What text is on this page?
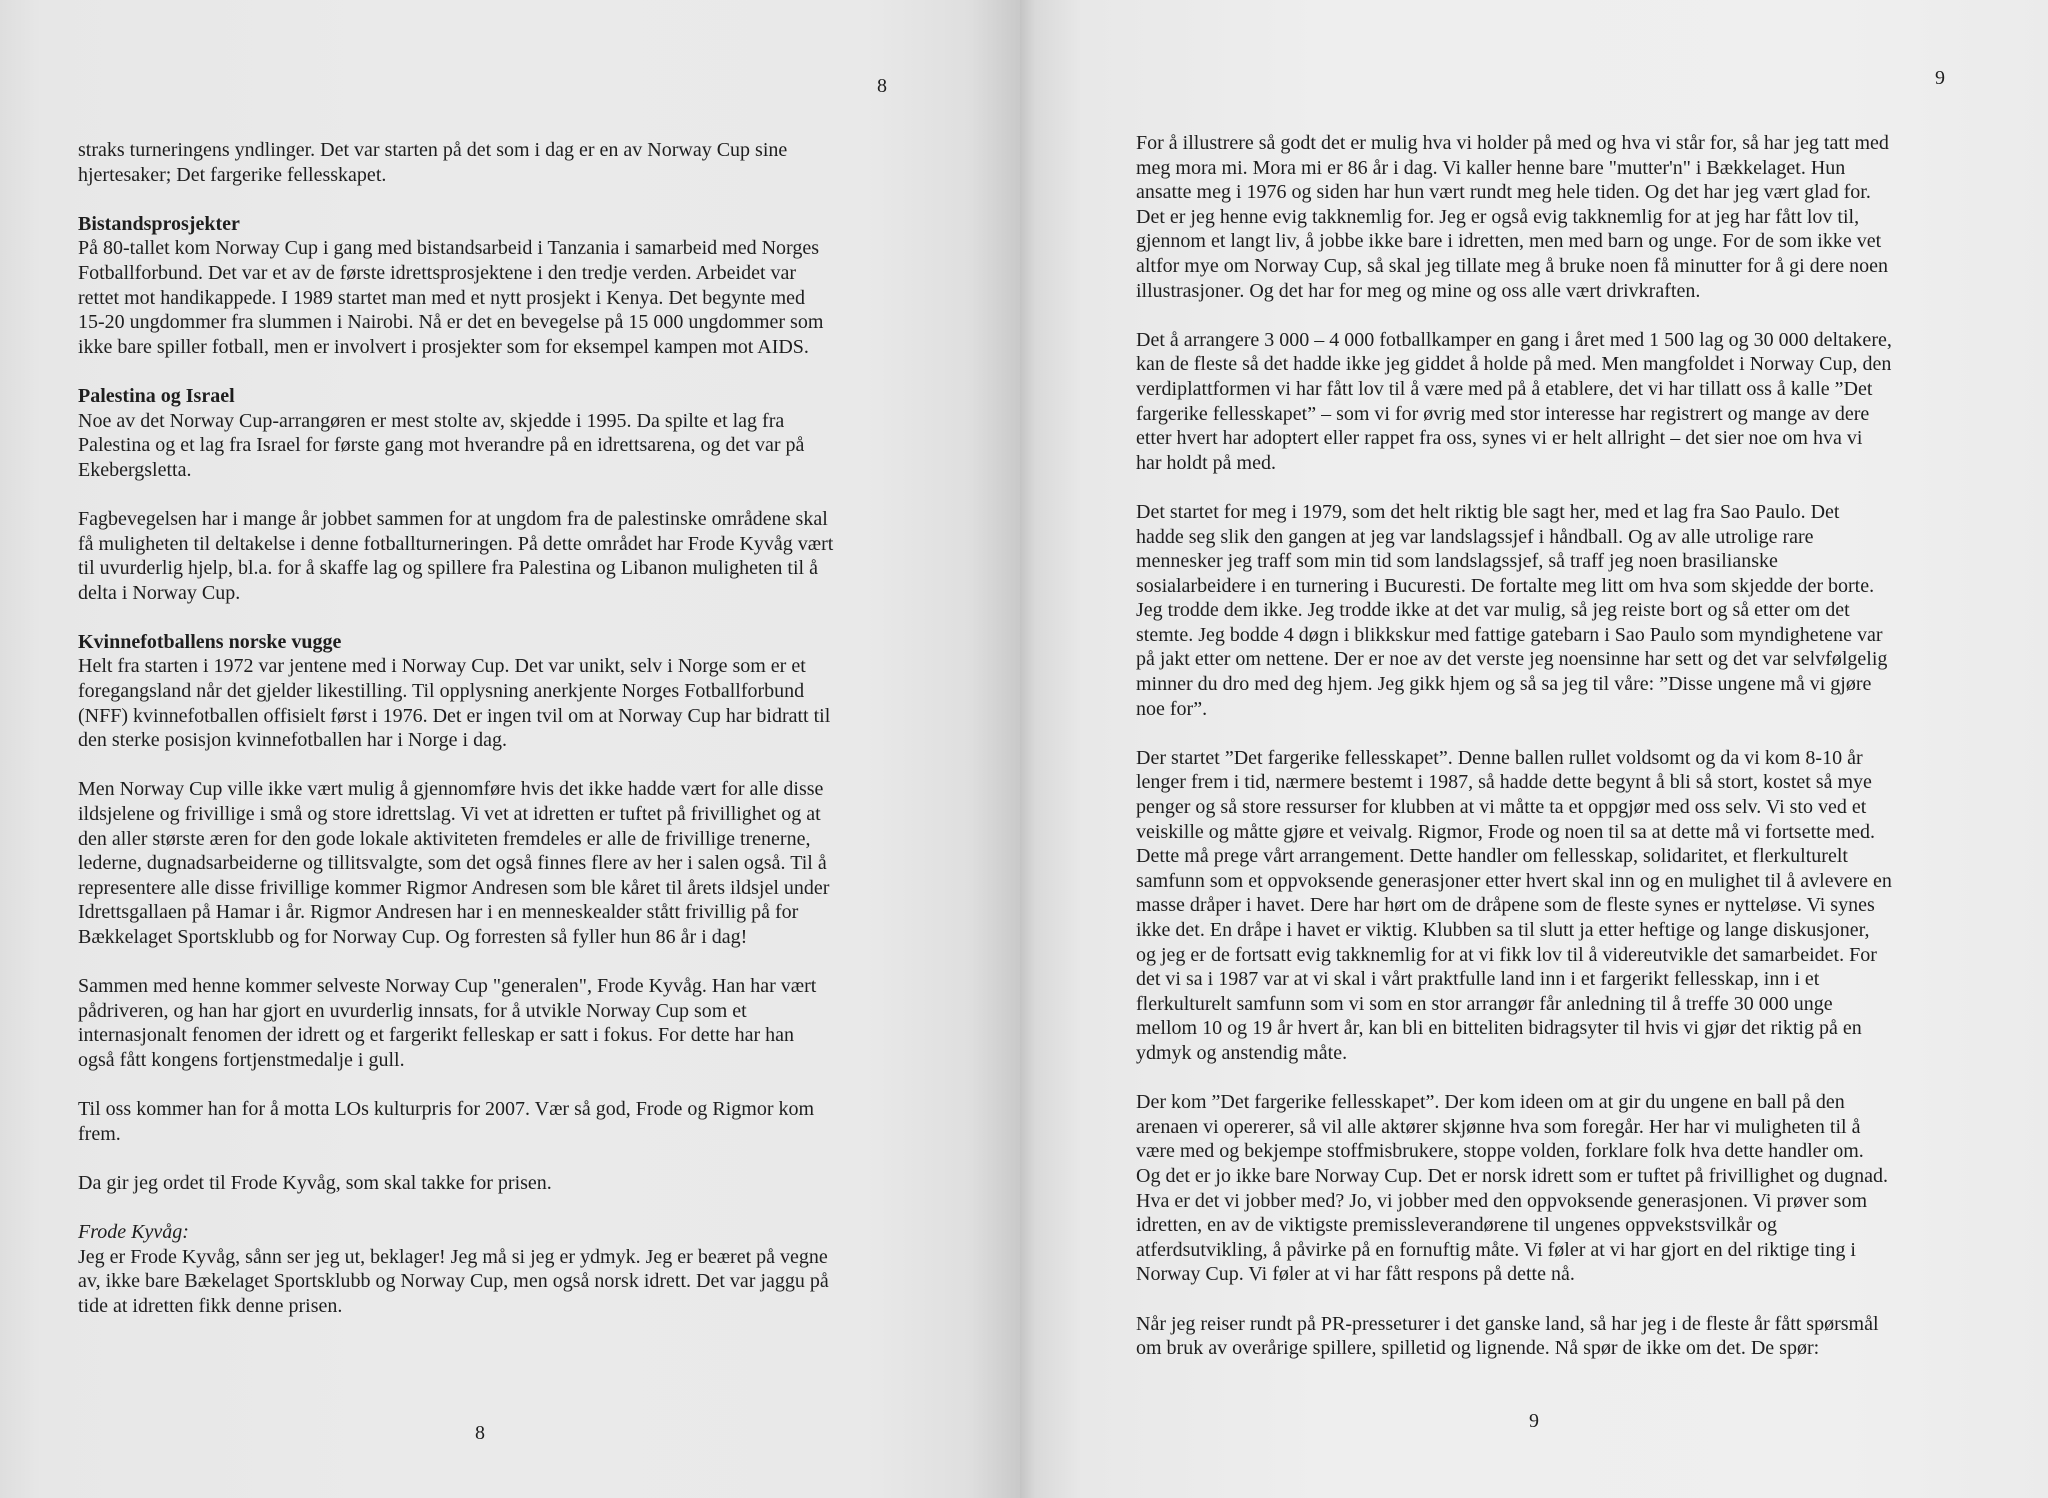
8
straks turneringens yndlinger. Det var starten på det som i dag er en av Norway Cup sine
hjertesaker; Det fargerike fellesskapet.
Bistandsprosjekter
På 80-tallet kom Norway Cup i gang med bistandsarbeid i Tanzania i samarbeid med Norges
Fotballforbund. Det var et av de første idrettsprosjektene i den tredje verden. Arbeidet var
rettet mot handikappede. I 1989 startet man med et nytt prosjekt i Kenya. Det begynte med
15-20 ungdommer fra slummen i Nairobi. Nå er det en bevegelse på 15 000 ungdommer som
ikke bare spiller fotball, men er involvert i prosjekter som for eksempel kampen mot AIDS.
Palestina og Israel
Noe av det Norway Cup-arrangøren er mest stolte av, skjedde i 1995. Da spilte et lag fra
Palestina og et lag fra Israel for første gang mot hverandre på en idrettsarena, og det var på
Ekebergsletta.
Fagbevegelsen har i mange år jobbet sammen for at ungdom fra de palestinske områdene skal
få muligheten til deltakelse i denne fotballturneringen. På dette området har Frode Kyvåg vært
til uvurderlig hjelp, bl.a. for å skaffe lag og spillere fra Palestina og Libanon muligheten til å
delta i Norway Cup.
Kvinnefotballens norske vugge
Helt fra starten i 1972 var jentene med i Norway Cup. Det var unikt, selv i Norge som er et
foregangsland når det gjelder likestilling. Til opplysning anerkjente Norges Fotballforbund
(NFF) kvinnefotballen offisielt først i 1976. Det er ingen tvil om at Norway Cup har bidratt til
den sterke posisjon kvinnefotballen har i Norge i dag.
Men Norway Cup ville ikke vært mulig å gjennomføre hvis det ikke hadde vært for alle disse
ildsjelene og frivillige i små og store idrettslag. Vi vet at idretten er tuftet på frivillighet og at
den aller største æren for den gode lokale aktiviteten fremdeles er alle de frivillige trenerne,
lederne, dugnadsarbeiderne og tillitsvalgte, som det også finnes flere av her i salen også. Til å
representere alle disse frivillige kommer Rigmor Andresen som ble kåret til årets ildsjel under
Idrettsgallaen på Hamar i år. Rigmor Andresen har i en menneskealder stått frivillig på for
Bækkelaget Sportsklubb og for Norway Cup. Og forresten så fyller hun 86 år i dag!
Sammen med henne kommer selveste Norway Cup "generalen", Frode Kyvåg. Han har vært
pådriveren, og han har gjort en uvurderlig innsats, for å utvikle Norway Cup som et
internasjonalt fenomen der idrett og et fargerikt felleskap er satt i fokus. For dette har han
også fått kongens fortjenstmedalje i gull.
Til oss kommer han for å motta LOs kulturpris for 2007. Vær så god, Frode og Rigmor kom
frem.
Da gir jeg ordet til Frode Kyvåg, som skal takke for prisen.
Frode Kyvåg:
Jeg er Frode Kyvåg, sånn ser jeg ut, beklager! Jeg må si jeg er ydmyk. Jeg er beæret på vegne
av, ikke bare Bækelaget Sportsklubb og Norway Cup, men også norsk idrett. Det var jaggu på
tide at idretten fikk denne prisen.
8
9
For å illustrere så godt det er mulig hva vi holder på med og hva vi står for, så har jeg tatt med
meg mora mi. Mora mi er 86 år i dag. Vi kaller henne bare "mutter'n" i Bækkelaget. Hun
ansatte meg i 1976 og siden har hun vært rundt meg hele tiden. Og det har jeg vært glad for.
Det er jeg henne evig takknemlig for. Jeg er også evig takknemlig for at jeg har fått lov til,
gjennom et langt liv, å jobbe ikke bare i idretten, men med barn og unge. For de som ikke vet
altfor mye om Norway Cup, så skal jeg tillate meg å bruke noen få minutter for å gi dere noen
illustrasjoner. Og det har for meg og mine og oss alle vært drivkraften.
Det å arrangere 3 000 – 4 000 fotballkamper en gang i året med 1 500 lag og 30 000 deltakere,
kan de fleste så det hadde ikke jeg giddet å holde på med. Men mangfoldet i Norway Cup, den
verdiplattformen vi har fått lov til å være med på å etablere, det vi har tillatt oss å kalle ”Det
fargerike fellesskapet” – som vi for øvrig med stor interesse har registrert og mange av dere
etter hvert har adoptert eller rappet fra oss, synes vi er helt allright – det sier noe om hva vi
har holdt på med.
Det startet for meg i 1979, som det helt riktig ble sagt her, med et lag fra Sao Paulo. Det
hadde seg slik den gangen at jeg var landslagssjef i håndball. Og av alle utrolige rare
mennesker jeg traff som min tid som landslagssjef, så traff jeg noen brasilianske
sosialarbeidere i en turnering i Bucuresti. De fortalte meg litt om hva som skjedde der borte.
Jeg trodde dem ikke. Jeg trodde ikke at det var mulig, så jeg reiste bort og så etter om det
stemte. Jeg bodde 4 døgn i blikkskur med fattige gatebarn i Sao Paulo som myndighetene var
på jakt etter om nettene. Der er noe av det verste jeg noensinne har sett og det var selvfølgelig
minner du dro med deg hjem. Jeg gikk hjem og så sa jeg til våre: ”Disse ungene må vi gjøre
noe for”.
Der startet ”Det fargerike fellesskapet”. Denne ballen rullet voldsomt og da vi kom 8-10 år
lenger frem i tid, nærmere bestemt i 1987, så hadde dette begynt å bli så stort, kostet så mye
penger og så store ressurser for klubben at vi måtte ta et oppgjør med oss selv. Vi sto ved et
veiskille og måtte gjøre et veivalg. Rigmor, Frode og noen til sa at dette må vi fortsette med.
Dette må prege vårt arrangement. Dette handler om fellesskap, solidaritet, et flerkulturelt
samfunn som et oppvoksende generasjoner etter hvert skal inn og en mulighet til å avlevere en
masse dråper i havet. Dere har hørt om de dråpene som de fleste synes er nytteløse. Vi synes
ikke det. En dråpe i havet er viktig. Klubben sa til slutt ja etter heftige og lange diskusjoner,
og jeg er de fortsatt evig takknemlig for at vi fikk lov til å videreutvikle det samarbeidet. For
det vi sa i 1987 var at vi skal i vårt praktfulle land inn i et fargerikt fellesskap, inn i et
flerkulturelt samfunn som vi som en stor arrangør får anledning til å treffe 30 000 unge
mellom 10 og 19 år hvert år, kan bli en bitteliten bidragsyter til hvis vi gjør det riktig på en
ydmyk og anstendig måte.
Der kom ”Det fargerike fellesskapet”. Der kom ideen om at gir du ungene en ball på den
arenaen vi opererer, så vil alle aktører skjønne hva som foregår. Her har vi muligheten til å
være med og bekjempe stoffmisbrukere, stoppe volden, forklare folk hva dette handler om.
Og det er jo ikke bare Norway Cup. Det er norsk idrett som er tuftet på frivillighet og dugnad.
Hva er det vi jobber med? Jo, vi jobber med den oppvoksende generasjonen. Vi prøver som
idretten, en av de viktigste premissleverandørene til ungenes oppvekstsvilkår og
atferdsutvikling, å påvirke på en fornuftig måte. Vi føler at vi har gjort en del riktige ting i
Norway Cup. Vi føler at vi har fått respons på dette nå.
Når jeg reiser rundt på PR-presseturer i det ganske land, så har jeg i de fleste år fått spørsmål
om bruk av overårige spillere, spilletid og lignende. Nå spør de ikke om det. De spør:
9
